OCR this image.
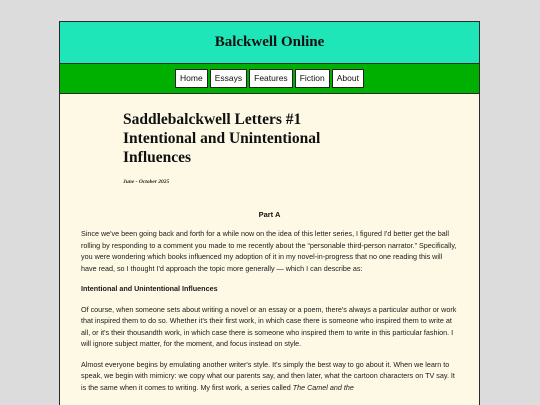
Balckwell Online
Home	Essays	Features	Fiction	About
Saddlebalckwell Letters #1
Intentional and Unintentional
Influences
June - October 2025
Part A

Since we've been going back and forth for a while now on the idea of this letter series, I figured I'd better get the ball rolling by responding to a comment you made to me recently about the “personable third-person narrator.” Specifically, you were wondering which books influenced my adoption of it in my novel-in-progress that no one reading this will have read, so I thought I'd approach the topic more generally — which I can describe as:

Intentional and Unintentional Influences

Of course, when someone sets about writing a novel or an essay or a poem, there's always a particular author or work that inspired them to do so. Whether it's their first work, in which case there is someone who inspired them to write at all, or it's their thousandth work, in which case there is someone who inspired them to write in this particular fashion. I will ignore subject matter, for the moment, and focus instead on style.

Almost everyone begins by emulating another writer's style. It's simply the best way to go about it. When we learn to speak, we begin with mimicry: we copy what our parents say, and then later, what the cartoon characters on TV say. It is the same when it comes to writing. My first work, a series called The Camel and the
